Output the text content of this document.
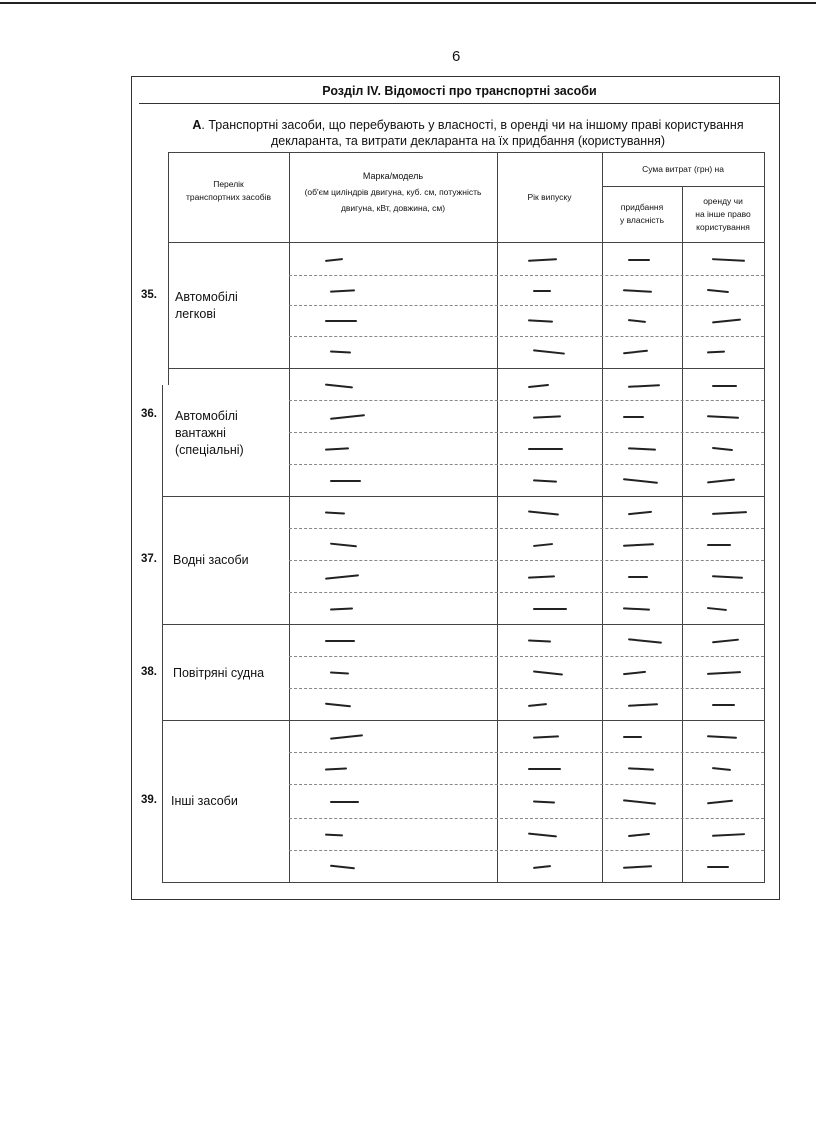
6
Розділ IV. Відомості про транспортні засоби
А. Транспортні засоби, що перебувають у власності, в оренді чи на іншому праві користування
декларанта, та витрати декларанта на їх придбання (користування)
Перелік
транспортних засобів
Марка/модель
(об'єм циліндрів двигуна, куб. см, потужність
двигуна, кВт, довжина, см)
Рік випуску
Сума витрат (грн) на
придбання
у власність
оренду чи
на інше право
користування
35. Автомобілі
легкові
36. Автомобілі
вантажні
(спеціальні)
37. Водні засоби
38. Повітряні судна
39. Інші засоби
